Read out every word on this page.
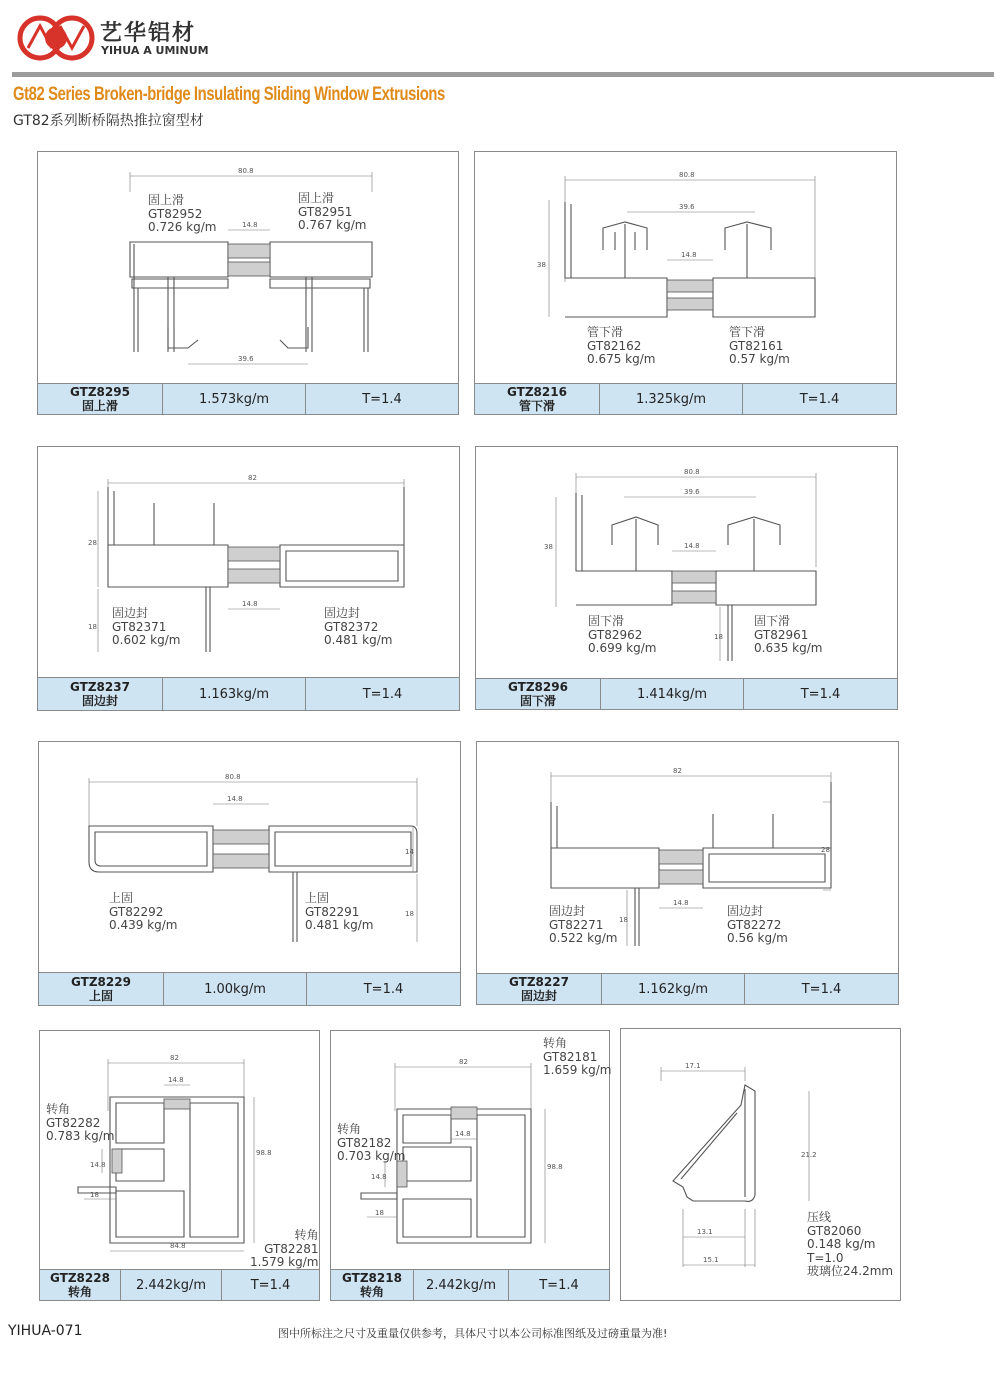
艺华铝材
YIHUA A UMINUM
Gt82 Series Broken-bridge Insulating Sliding Window Extrusions
GT82系列断桥隔热推拉窗型材
80.8
14.8
39.6
固上滑
GT82952
0.726 kg/m
固上滑
GT82951
0.767 kg/m
GTZ8295
固上滑	1.573kg/m	T=1.4
80.8
39.6
38
14.8
管下滑
GT82162
0.675 kg/m
管下滑
GT82161
0.57 kg/m
GTZ8216
管下滑	1.325kg/m	T=1.4
82
28
18
14.8
固边封
GT82371
0.602 kg/m
固边封
GT82372
0.481 kg/m
GTZ8237
固边封	1.163kg/m	T=1.4
80.8
39.6
38	14.8
18
固下滑
GT82962
0.699 kg/m
固下滑
GT82961
0.635 kg/m
GTZ8296
固下滑	1.414kg/m	T=1.4
80.8
14.8
14
18
上固
GT82292
0.439 kg/m
上固
GT82291
0.481 kg/m
GTZ8229
上固	1.00kg/m	T=1.4
82
28
18
14.8
固边封
GT82271
0.522 kg/m
固边封
GT82272
0.56 kg/m
GTZ8227
固边封	1.162kg/m	T=1.4
82
14.8
14.8
98.8
18
84.8
转角
GT82282
0.783 kg/m
转角
GT82281
1.579 kg/m
GTZ8228
转角	2.442kg/m	T=1.4
82
14.8
14.8
98.8
18
转角
GT82181
1.659 kg/m
转角
GT82182
0.703 kg/m
GTZ8218
转角	2.442kg/m	T=1.4
17.1
21.2
13.1
15.1
压线
GT82060
0.148 kg/m
T=1.0
玻璃位24.2mm
YIHUA-071	图中所标注之尺寸及重量仅供参考，具体尺寸以本公司标准图纸及过磅重量为准!
